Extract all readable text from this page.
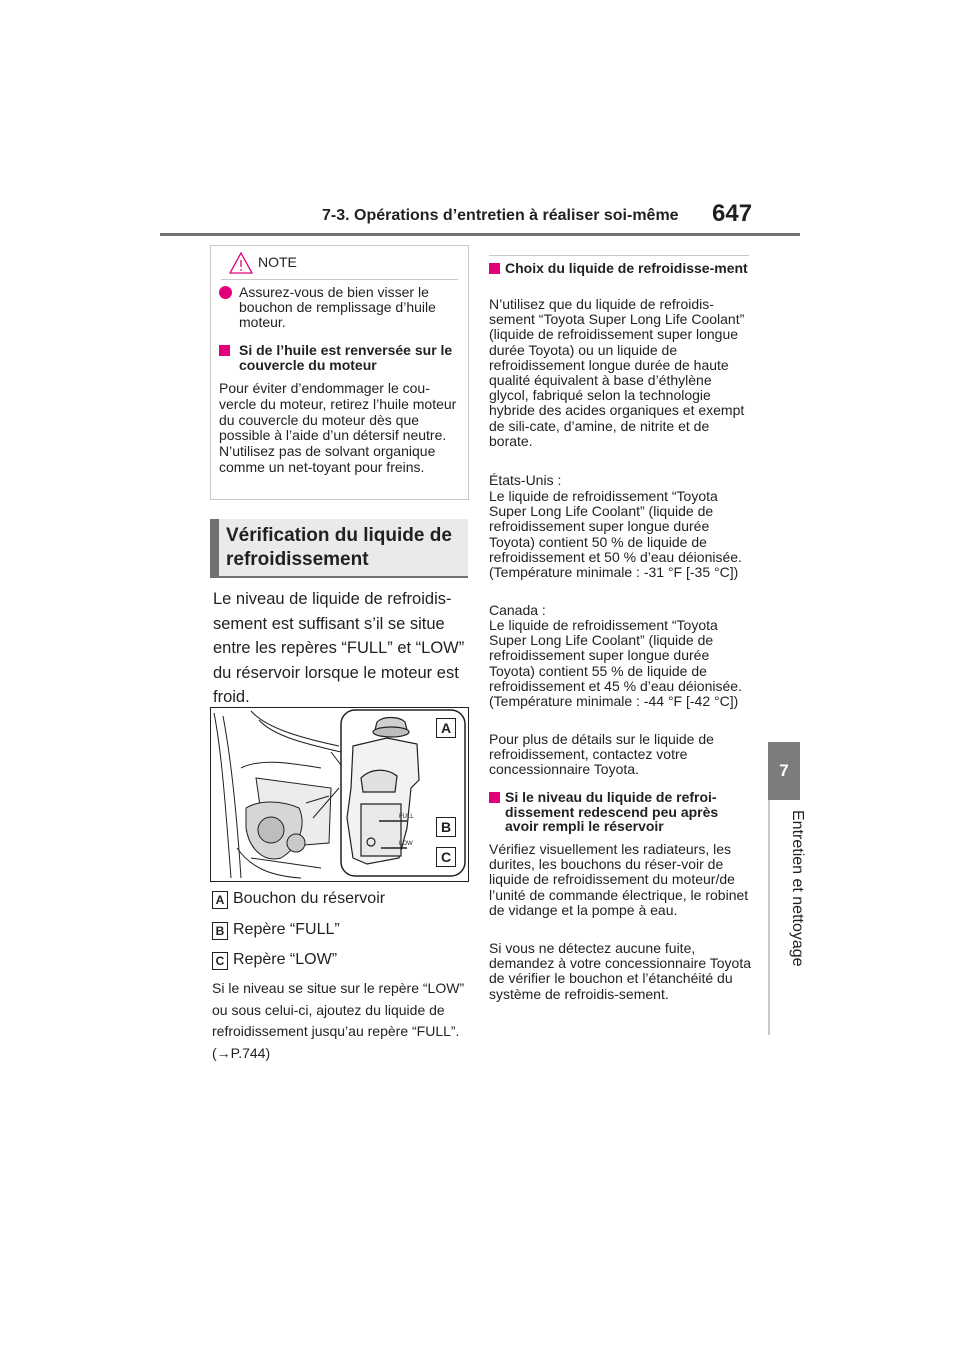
7-3. Opérations d’entretien à réaliser soi-même 647
7
Entretien et nettoyage
NOTE
Assurez-vous de bien visser le bouchon de remplissage d’huile moteur.
Si de l’huile est renversée sur le couvercle du moteur
Pour éviter d’endommager le cou-vercle du moteur, retirez l’huile moteur du couvercle du moteur dès que possible à l’aide d’un détersif neutre. N’utilisez pas de solvant organique comme un net-toyant pour freins.
Vérification du liquide de refroidissement
Le niveau de liquide de refroidis-sement est suffisant s’il se situe entre les repères “FULL” et “LOW” du réservoir lorsque le moteur est froid.
FULL
LOW
A
B
C
A Bouchon du réservoir
B Repère “FULL”
C Repère “LOW”
Si le niveau se situe sur le repère “LOW” ou sous celui-ci, ajoutez du liquide de refroidissement jusqu’au repère “FULL”. (→P.744)
Choix du liquide de refroidisse-ment
N’utilisez que du liquide de refroidis-sement “Toyota Super Long Life Coolant” (liquide de refroidissement super longue durée Toyota) ou un liquide de refroidissement longue durée de haute qualité équivalent à base d’éthylène glycol, fabriqué selon la technologie hybride des acides organiques et exempt de sili-cate, d’amine, de nitrite et de borate.
États-Unis :
Le liquide de refroidissement “Toyota Super Long Life Coolant” (liquide de refroidissement super longue durée Toyota) contient 50 % de liquide de refroidissement et 50 % d’eau déionisée. (Température minimale : -31 °F [-35 °C])
Canada :
Le liquide de refroidissement “Toyota Super Long Life Coolant” (liquide de refroidissement super longue durée Toyota) contient 55 % de liquide de refroidissement et 45 % d’eau déionisée. (Température minimale : -44 °F [-42 °C])
Pour plus de détails sur le liquide de refroidissement, contactez votre concessionnaire Toyota.
Si le niveau du liquide de refroi-dissement redescend peu après avoir rempli le réservoir
Vérifiez visuellement les radiateurs, les durites, les bouchons du réser-voir de liquide de refroidissement du moteur/de l’unité de commande électrique, le robinet de vidange et la pompe à eau.
Si vous ne détectez aucune fuite, demandez à votre concessionnaire Toyota de vérifier le bouchon et l’étanchéité du système de refroidis-sement.
